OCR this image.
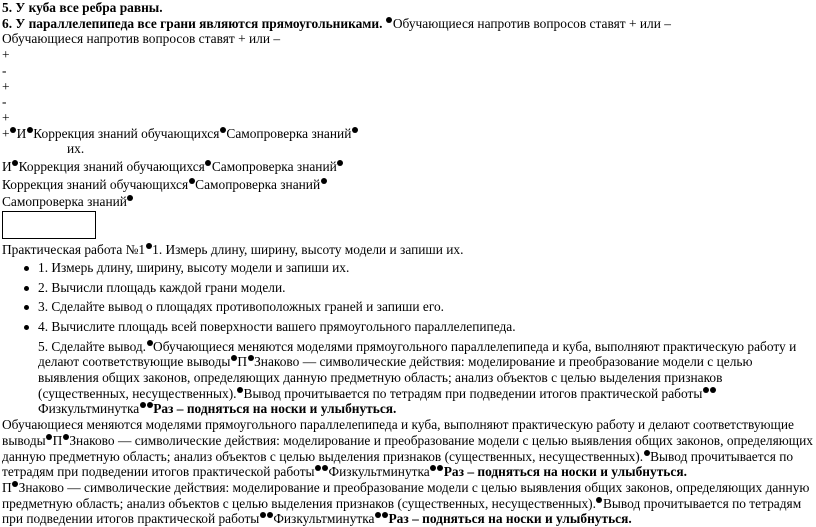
5. У куба все ребра равны.

6. У параллелепипеда все грани являются прямоугольниками. Обучающиеся напротив вопросов ставят + или –

Обучающиеся напротив вопросов ставят + или –

+

-

+

-

+

+ И Коррекция знаний обучающихся Самопроверка знаний

их.

И Коррекция знаний обучающихся Самопроверка знаний

Коррекция знаний обучающихся Самопроверка знаний

Самопроверка знаний

Практическая работа №1 1. Измерь длину, ширину, высоту модели и запиши их.

1. Измерь длину, ширину, высоту модели и запиши их.
2. Вычисли площадь каждой грани модели.
3. Сделайте вывод о площадях противоположных граней и запиши его.
4. Вычислите площадь всей поверхности вашего прямоугольного параллелепипеда.
5. Сделайте вывод. Обучающиеся меняются моделями прямоугольного параллелепипеда и куба, выполняют практическую работу и делают соответствующие выводы П Знаково — символические действия: моделирование и преобразование модели с целью выявления общих законов, определяющих данную предметную область; анализ объектов с целью выделения признаков (существенных, несущественных). Вывод прочитывается по тетрадям при подведении итогов практической работыФизкультминутка Раз – подняться на носки и улыбнуться.

Обучающиеся меняются моделями прямоугольного параллелепипеда и куба, выполняют практическую работу и делают соответствующие выводы П Знаково — символические действия: моделирование и преобразование модели с целью выявления общих законов, определяющих данную предметную область; анализ объектов с целью выделения признаков (существенных, несущественных). Вывод прочитывается по тетрадям при подведении итогов практической работы Физкультминутка Раз – подняться на носки и улыбнуться.

П Знаково — символические действия: моделирование и преобразование модели с целью выявления общих законов, определяющих данную предметную область; анализ объектов с целью выделения признаков (существенных, несущественных). Вывод прочитывается по тетрадям при подведении итогов практической работы Физкультминутка Раз – подняться на носки и улыбнуться.
